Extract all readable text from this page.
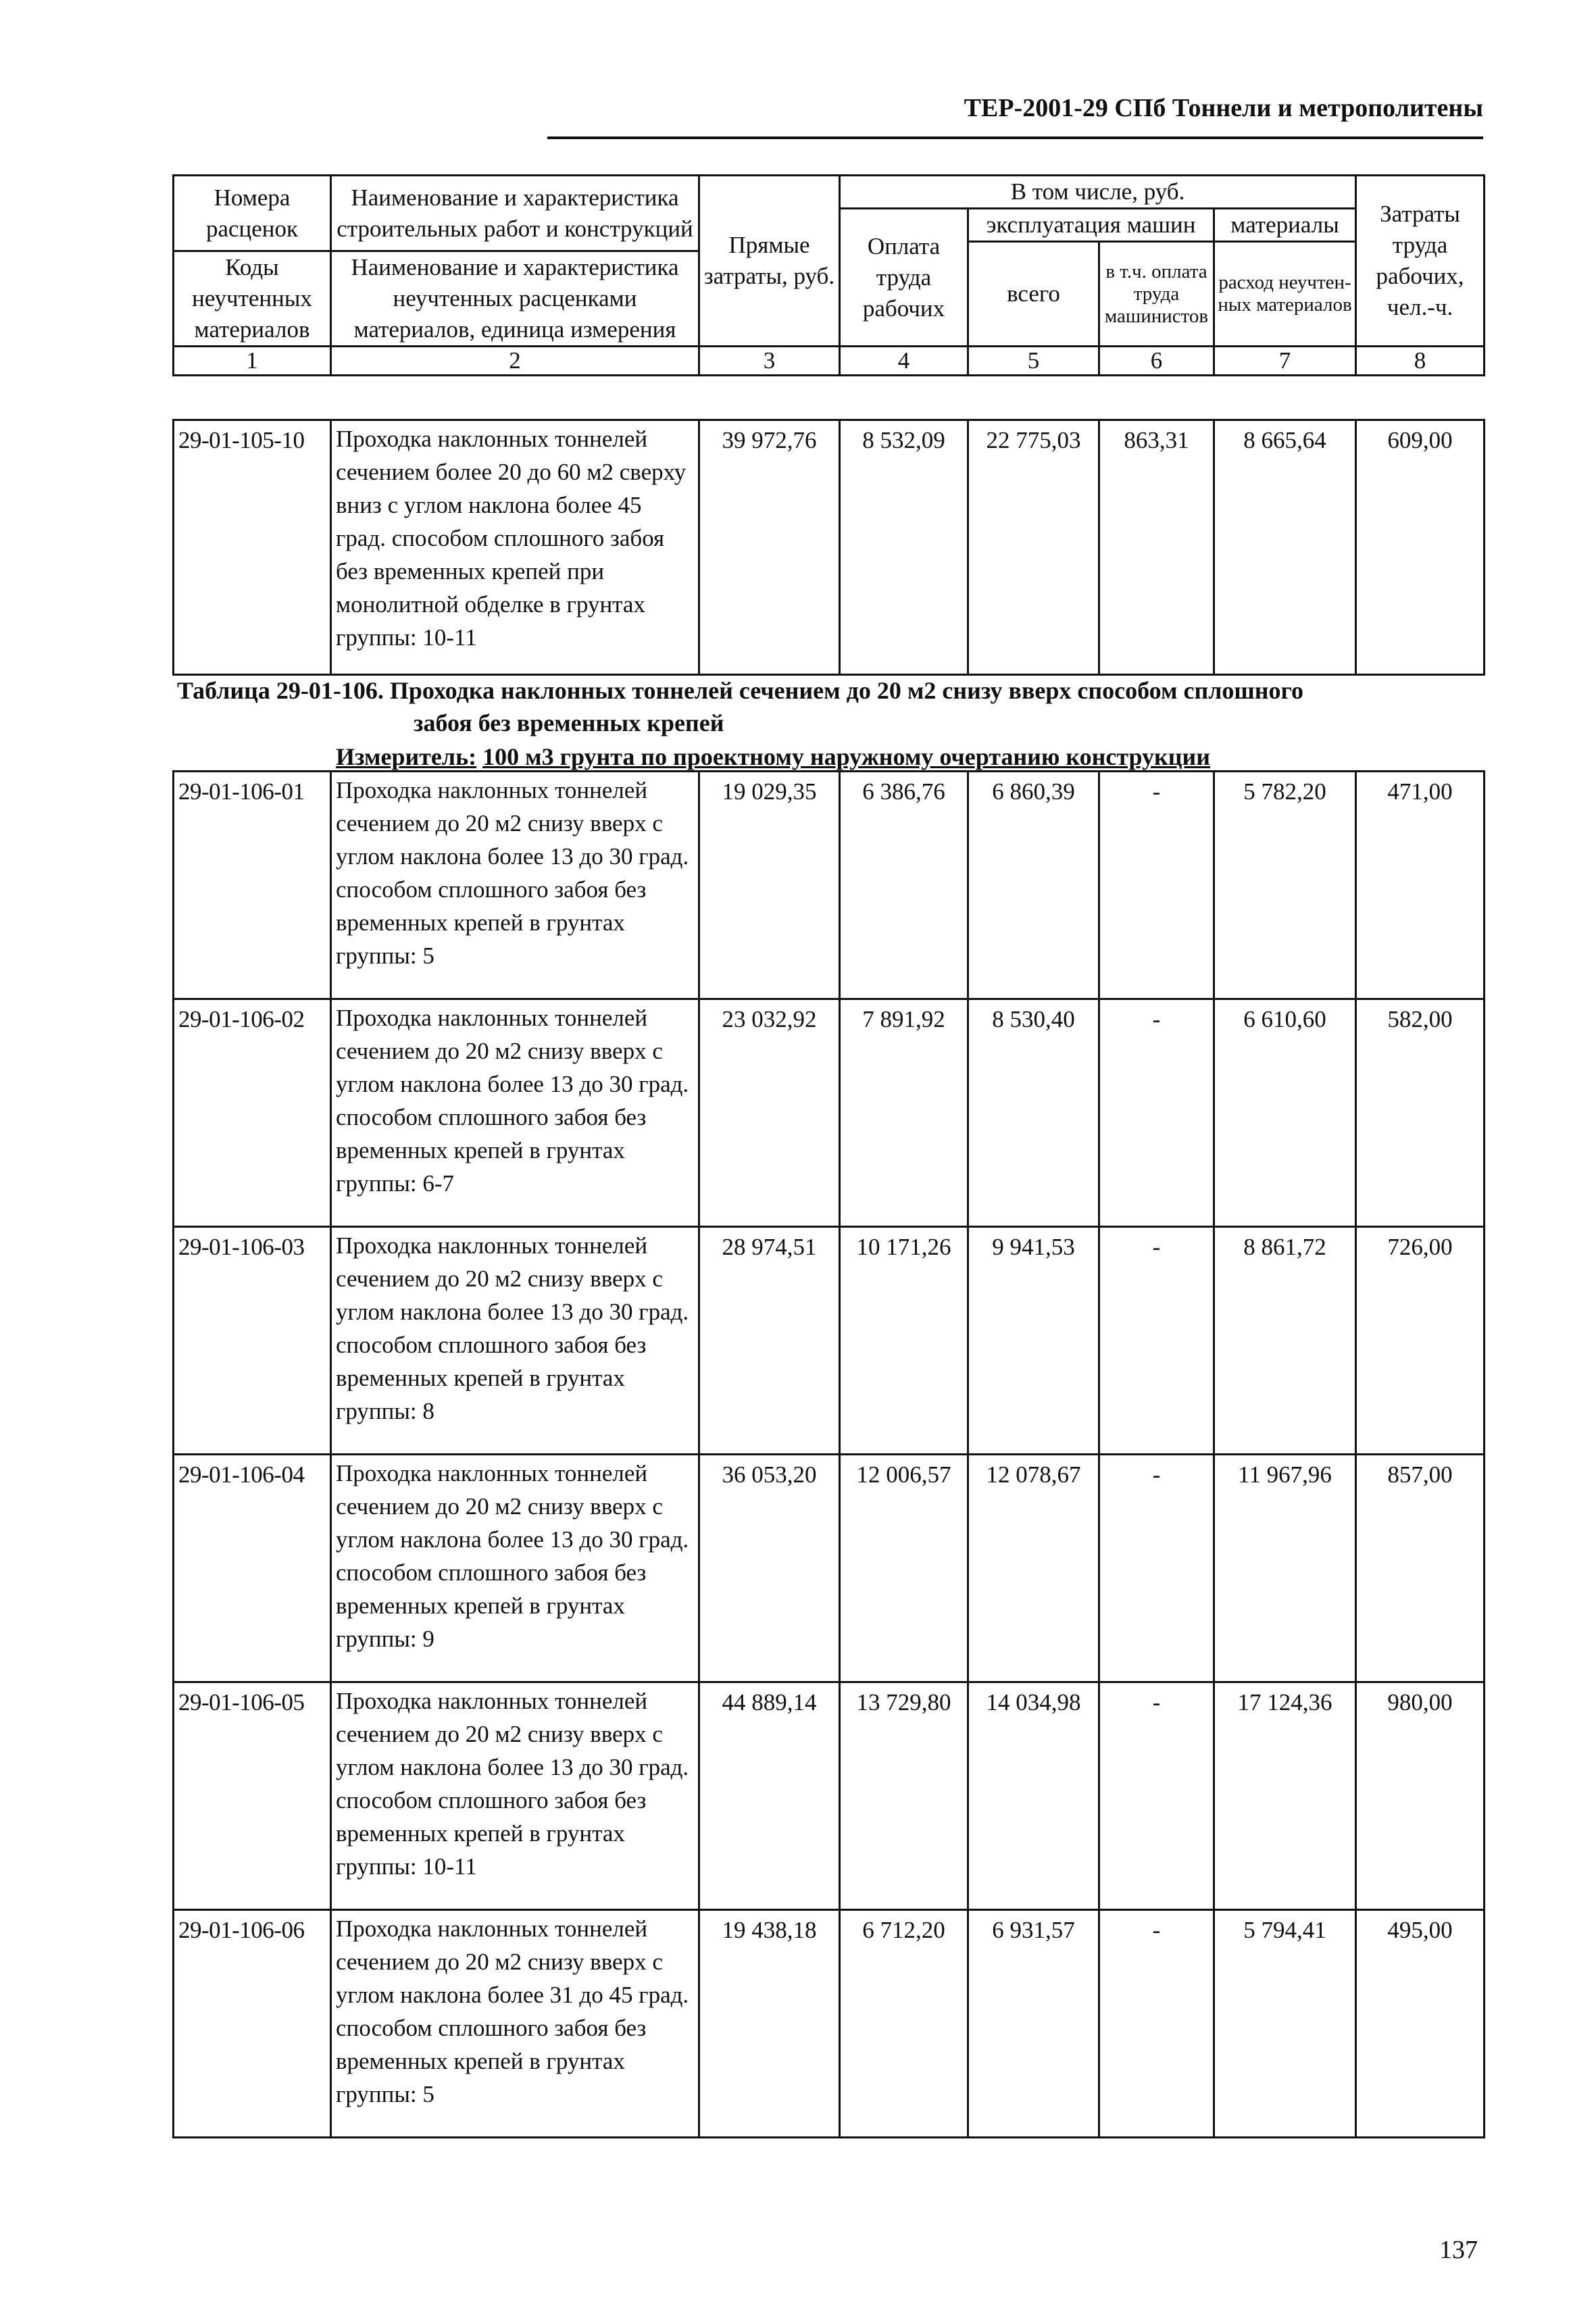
ТЕР-2001-29 СПб Тоннели и метрополитены
Номера расценок	Наименование и характеристика строительных работ и конструкций	Прямые затраты, руб.	В том числе, руб.				Затраты труда рабочих, чел.-ч.
			Оплата труда рабочих	эксплуатация машин		материалы	
				всего	в т.ч. оплата труда машинистов	расход неучтен-ных материалов	
Коды неучтенных материалов	Наименование и характеристика неучтенных расценками материалов, единица измерения						

1	2	3	4	5	6	7	8
29-01-105-10	Проходка наклонных тоннелей сечением более 20 до 60 м2 сверху вниз с углом наклона более 45 град. способом сплошного забоя без временных крепей при монолитной обделке в грунтах группы: 10-11	39 972,76	8 532,09	22 775,03	863,31	8 665,64	609,00
Таблица 29-01-106. Проходка наклонных тоннелей сечением до 20 м2 снизу вверх способом сплошного
забоя без временных крепей
Измеритель: 100 м3 грунта по проектному наружному очертанию конструкции
29-01-106-01	Проходка наклонных тоннелей сечением до 20 м2 снизу вверх с углом наклона более 13 до 30 град. способом сплошного забоя без временных крепей в грунтах группы: 5	19 029,35	6 386,76	6 860,39	-	5 782,20	471,00
29-01-106-02	Проходка наклонных тоннелей сечением до 20 м2 снизу вверх с углом наклона более 13 до 30 град. способом сплошного забоя без временных крепей в грунтах группы: 6-7	23 032,92	7 891,92	8 530,40	-	6 610,60	582,00
29-01-106-03	Проходка наклонных тоннелей сечением до 20 м2 снизу вверх с углом наклона более 13 до 30 град. способом сплошного забоя без временных крепей в грунтах группы: 8	28 974,51	10 171,26	9 941,53	-	8 861,72	726,00
29-01-106-04	Проходка наклонных тоннелей сечением до 20 м2 снизу вверх с углом наклона более 13 до 30 град. способом сплошного забоя без временных крепей в грунтах группы: 9	36 053,20	12 006,57	12 078,67	-	11 967,96	857,00
29-01-106-05	Проходка наклонных тоннелей сечением до 20 м2 снизу вверх с углом наклона более 13 до 30 град. способом сплошного забоя без временных крепей в грунтах группы: 10-11	44 889,14	13 729,80	14 034,98	-	17 124,36	980,00
29-01-106-06	Проходка наклонных тоннелей сечением до 20 м2 снизу вверх с углом наклона более 31 до 45 град. способом сплошного забоя без временных крепей в грунтах группы: 5	19 438,18	6 712,20	6 931,57	-	5 794,41	495,00
137
